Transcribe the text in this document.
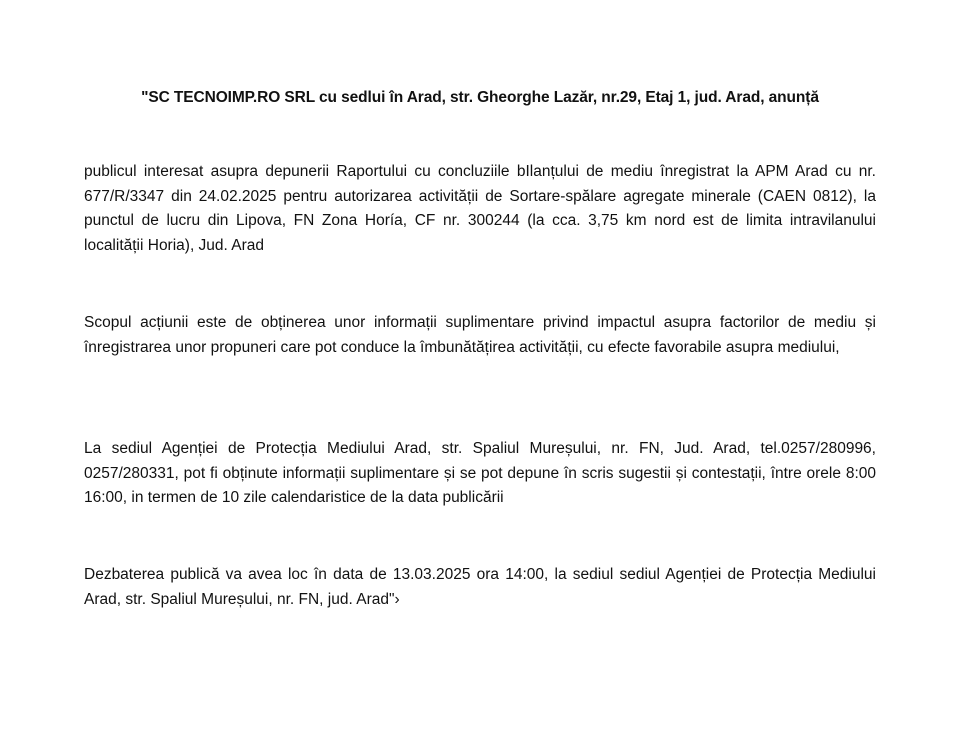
"SC TECNOIMP.RO SRL cu sedlui în Arad, str. Gheorghe Lazăr, nr.29, Etaj 1, jud. Arad, anunță

publicul interesat asupra depunerii Raportului cu concluziile bIlanțului de mediu înregistrat la APM Arad cu nr. 677/R/3347 din 24.02.2025 pentru autorizarea activității de Sortare-spălare agregate minerale (CAEN 0812), la punctul de lucru din Lipova, FN Zona Horía, CF nr. 300244 (la cca. 3,75 km nord est de limita intravilanului localității Horia), Jud. Arad

Scopul acțiunii este de obținerea unor informații suplimentare privind impactul asupra factorilor de mediu și înregistrarea unor propuneri care pot conduce la îmbunătățirea activității, cu efecte favorabile asupra mediului,

La sediul Agenției de Protecția Mediului Arad, str. Spaliul Mureșului, nr. FN, Jud. Arad, tel.0257/280996, 0257/280331, pot fi obținute informații suplimentare și se pot depune în scris sugestii și contestații, între orele 8:00 16:00, in termen de 10 zile calendaristice de la data publicării

Dezbaterea publică va avea loc în data de 13.03.2025 ora 14:00, la sediul sediul Agenției de Protecția Mediului Arad, str. Spaliul Mureșului, nr. FN, jud. Arad"›
